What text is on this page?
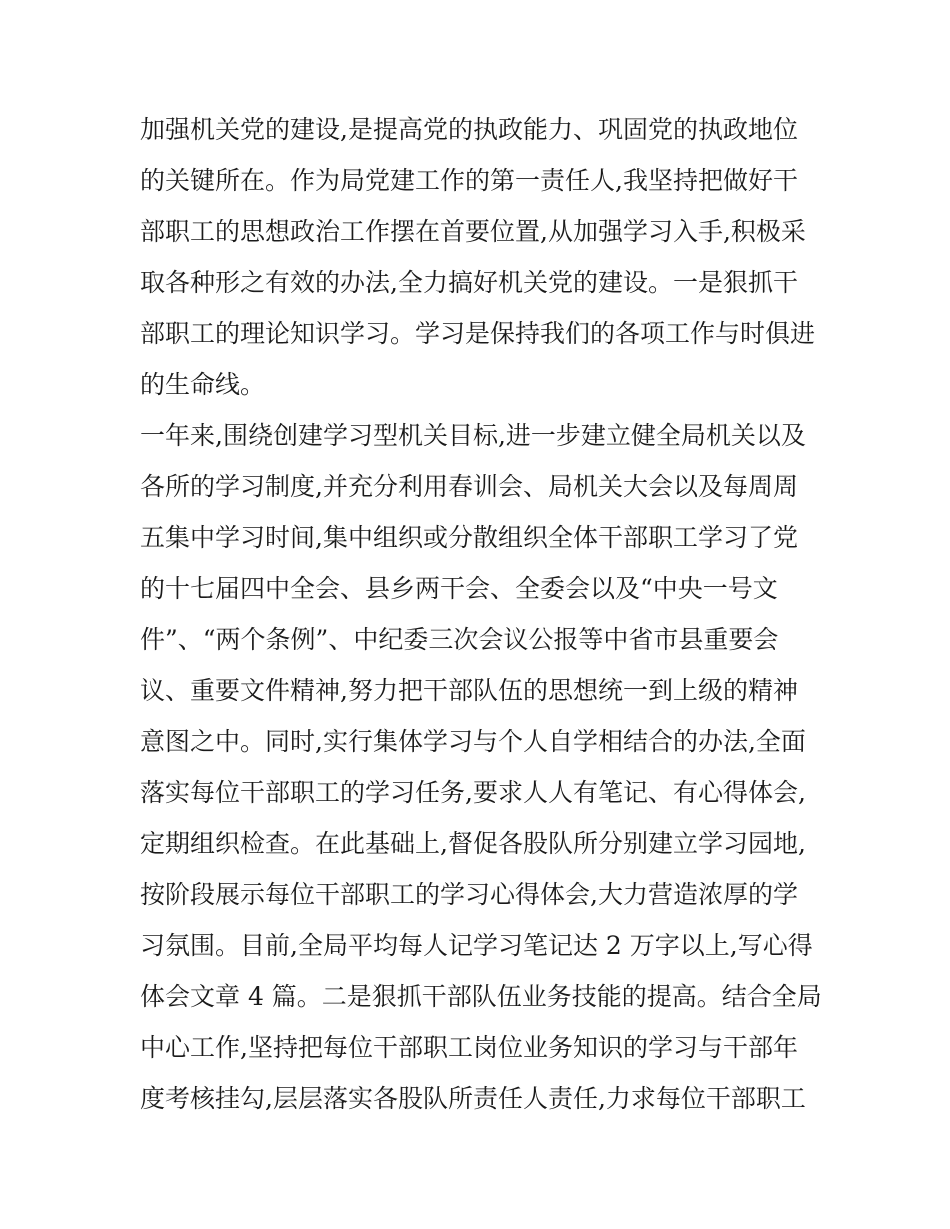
加强机关党的建设,是提高党的执政能力、巩固党的执政地位
的关键所在。作为局党建工作的第一责任人,我坚持把做好干
部职工的思想政治工作摆在首要位置,从加强学习入手,积极采
取各种形之有效的办法,全力搞好机关党的建设。一是狠抓干
部职工的理论知识学习。学习是保持我们的各项工作与时俱进
的生命线。
一年来,围绕创建学习型机关目标,进一步建立健全局机关以及
各所的学习制度,并充分利用春训会、局机关大会以及每周周
五集中学习时间,集中组织或分散组织全体干部职工学习了党
的十七届四中全会、县乡两干会、全委会以及“中央一号文
件”、“两个条例”、中纪委三次会议公报等中省市县重要会
议、重要文件精神,努力把干部队伍的思想统一到上级的精神
意图之中。同时,实行集体学习与个人自学相结合的办法,全面
落实每位干部职工的学习任务,要求人人有笔记、有心得体会,
定期组织检查。在此基础上,督促各股队所分别建立学习园地,
按阶段展示每位干部职工的学习心得体会,大力营造浓厚的学
习氛围。目前,全局平均每人记学习笔记达 2 万字以上,写心得
体会文章 4 篇。二是狠抓干部队伍业务技能的提高。结合全局
中心工作,坚持把每位干部职工岗位业务知识的学习与干部年
度考核挂勾,层层落实各股队所责任人责任,力求每位干部职工
